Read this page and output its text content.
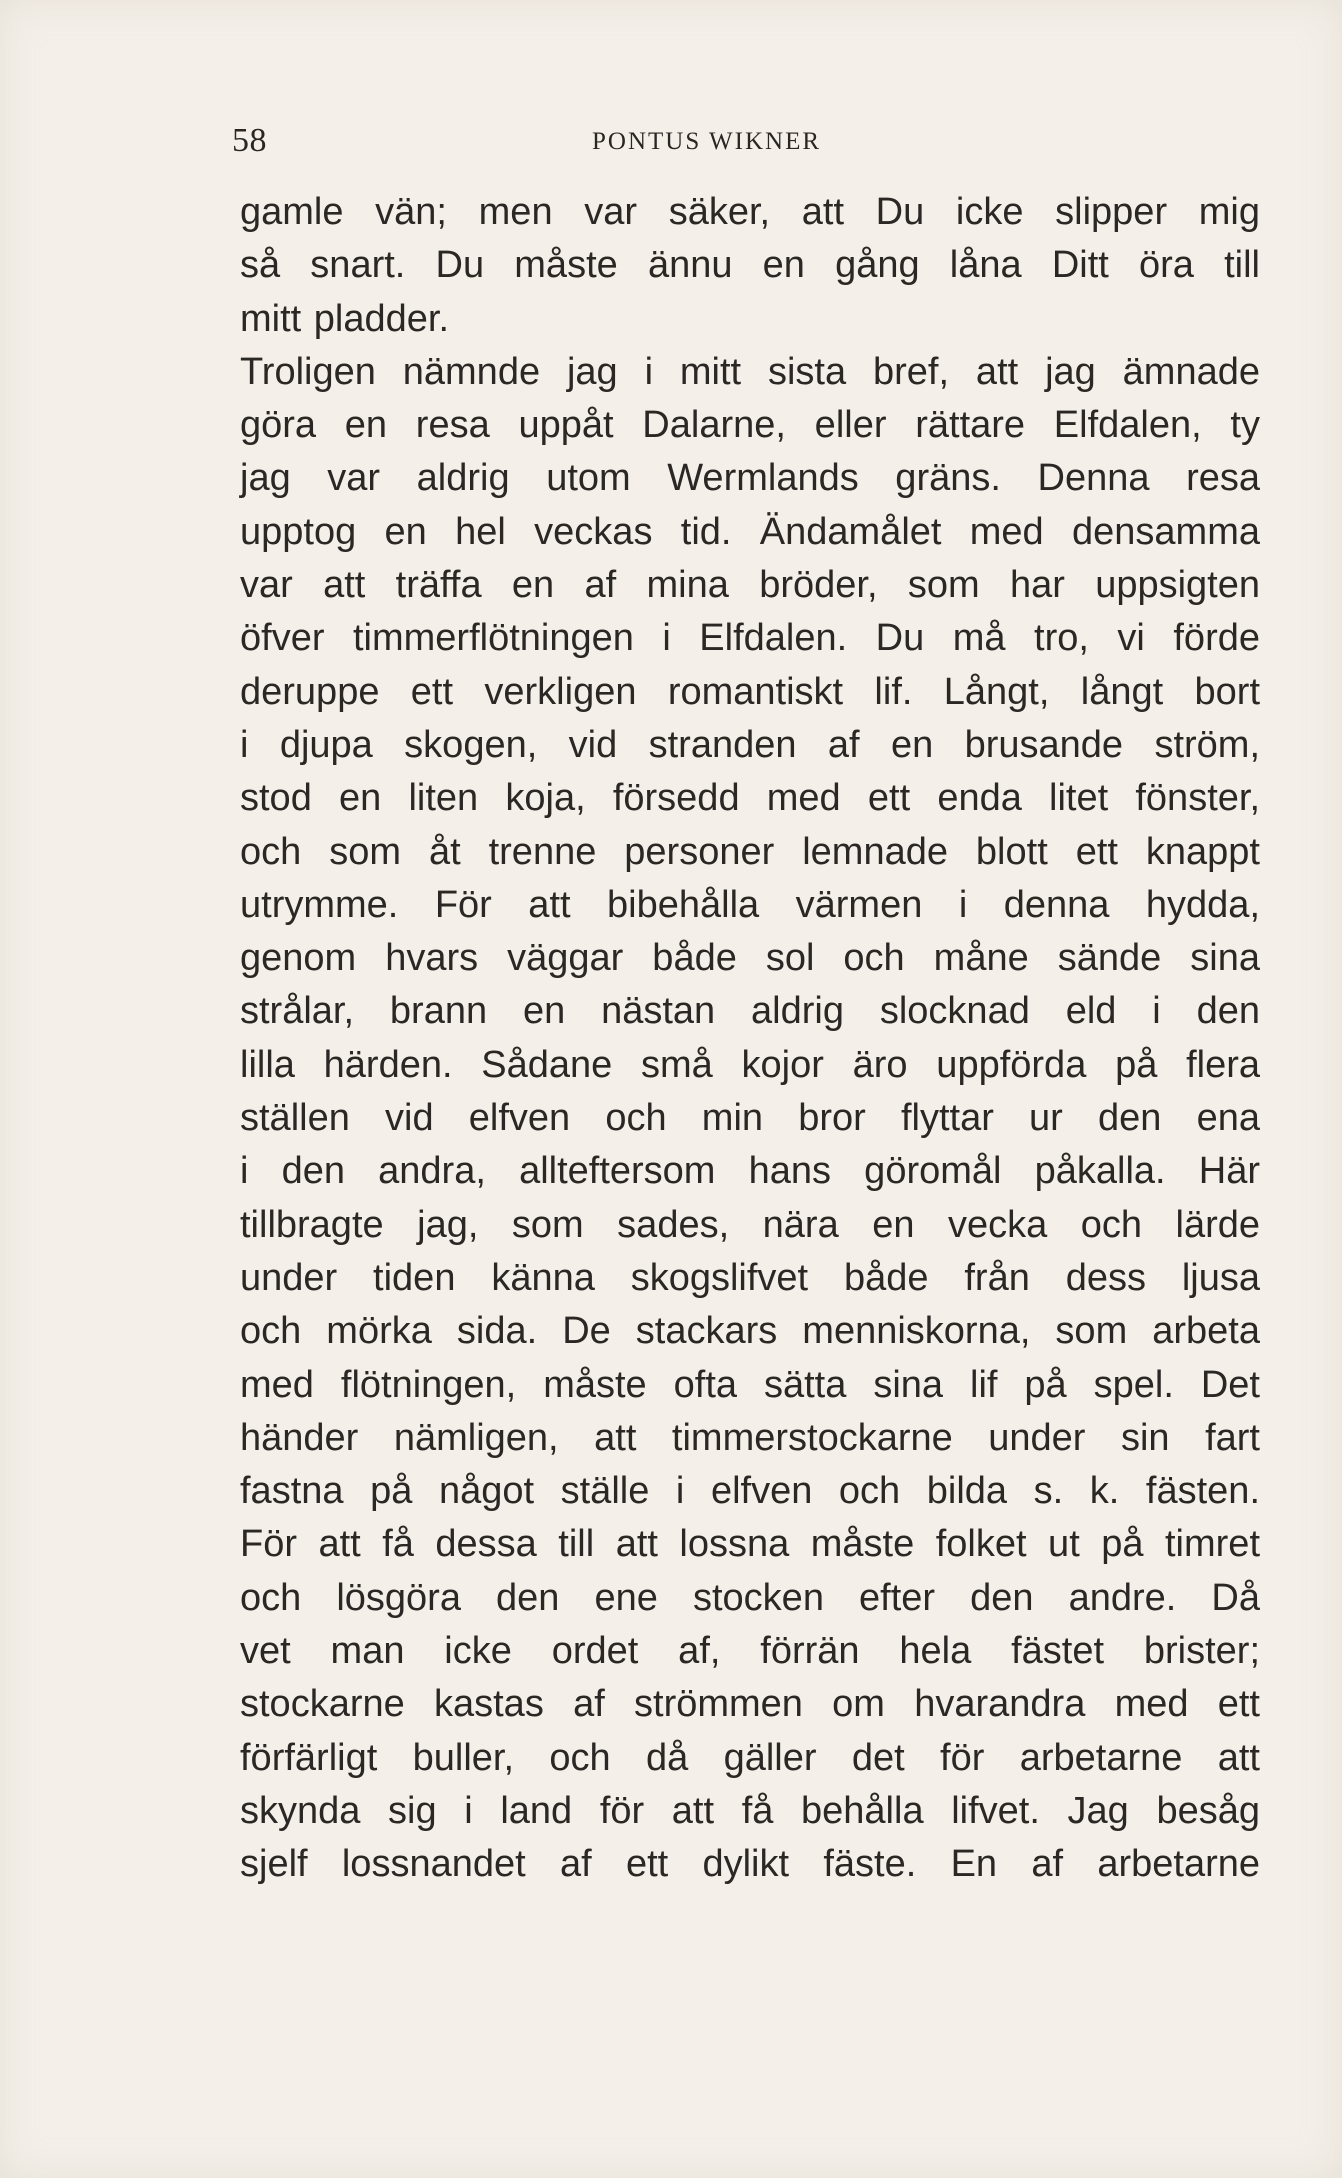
58	PONTUS WIKNER
gamle vän; men var säker, att Du icke slipper mig
så snart. Du måste ännu en gång låna Ditt öra till
mitt pladder.
Troligen nämnde jag i mitt sista bref, att jag ämnade
göra en resa uppåt Dalarne, eller rättare Elfdalen, ty
jag var aldrig utom Wermlands gräns. Denna resa
upptog en hel veckas tid. Ändamålet med densamma
var att träffa en af mina bröder, som har uppsigten
öfver timmerflötningen i Elfdalen. Du må tro, vi förde
deruppe ett verkligen romantiskt lif. Långt, långt bort
i djupa skogen, vid stranden af en brusande ström,
stod en liten koja, försedd med ett enda litet fönster,
och som åt trenne personer lemnade blott ett knappt
utrymme. För att bibehålla värmen i denna hydda,
genom hvars väggar både sol och måne sände sina
strålar, brann en nästan aldrig slocknad eld i den
lilla härden. Sådane små kojor äro uppförda på flera
ställen vid elfven och min bror flyttar ur den ena
i den andra, allteftersom hans göromål påkalla. Här
tillbragte jag, som sades, nära en vecka och lärde
under tiden känna skogslifvet både från dess ljusa
och mörka sida. De stackars menniskorna, som arbeta
med flötningen, måste ofta sätta sina lif på spel. Det
händer nämligen, att timmerstockarne under sin fart
fastna på något ställe i elfven och bilda s. k. fästen.
För att få dessa till att lossna måste folket ut på timret
och lösgöra den ene stocken efter den andre. Då
vet man icke ordet af, förrän hela fästet brister;
stockarne kastas af strömmen om hvarandra med ett
förfärligt buller, och då gäller det för arbetarne att
skynda sig i land för att få behålla lifvet. Jag besåg
sjelf lossnandet af ett dylikt fäste. En af arbetarne
